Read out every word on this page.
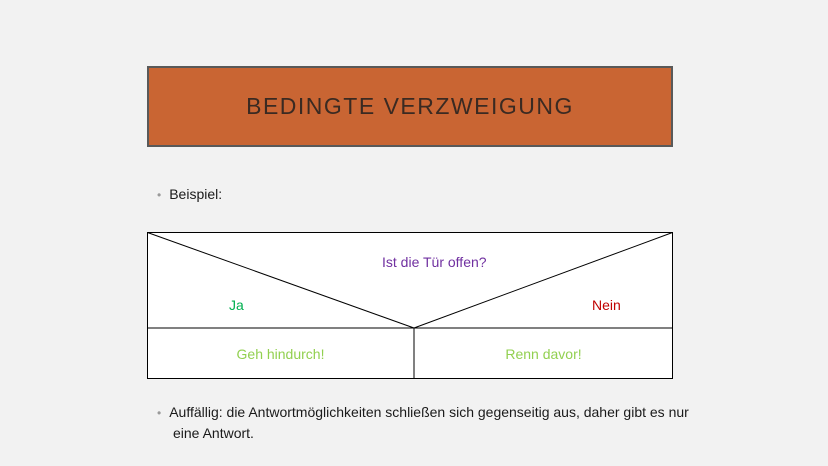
BEDINGTE VERZWEIGUNG
• Beispiel:
Ist die Tür offen?
Ja	Nein
Geh hindurch!	Renn davor!
• Auffällig: die Antwortmöglichkeiten schließen sich gegenseitig aus, daher gibt es nur eine Antwort.
